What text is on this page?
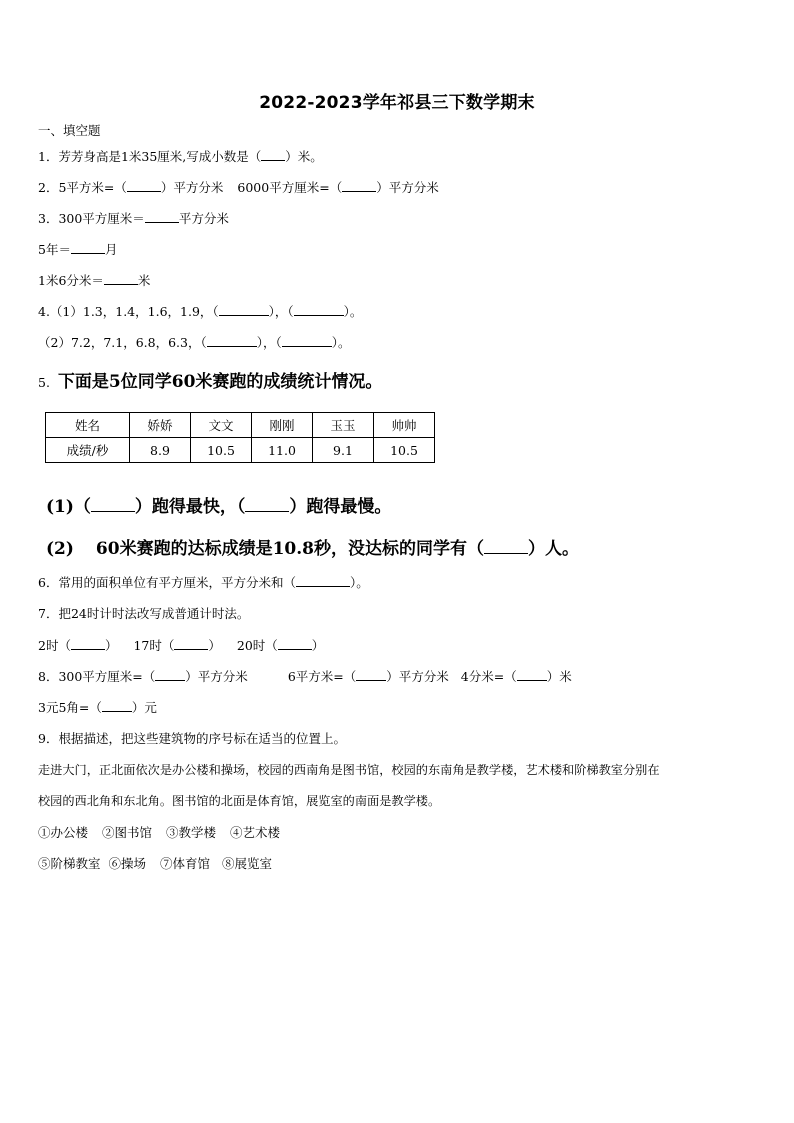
2022-2023学年祁县三下数学期末
一、填空题
1．芳芳身高是1米35厘米,写成小数是（ ）米。
2．5平方米=（	）平方分米 6000平方厘米=（	）平方分米
3．300平方厘米＝	平方分米
5年＝	月
1米6分米＝	米
4.（1）1.3，1.4，1.6，1.9，（	），（	）。
（2）7.2，7.1，6.8，6.3，（	），（	）。
5. 下面是5位同学60米赛跑的成绩统计情况。
姓名	娇娇	文文	刚刚	玉玉	帅帅
成绩/秒	8.9	10.5	11.0	9.1	10.5
(1)（	）跑得最快，（	）跑得最慢。
(2) 60米赛跑的达标成绩是10.8秒，没达标的同学有（	）人。
6．常用的面积单位有平方厘米，平方分米和（	）。
7．把24时计时法改写成普通计时法。
2时（	） 17时（	） 20时（	）
8．300平方厘米=（ ）平方分米	6平方米=（ ）平方分米 4分米=（ ）米
3元5角=（ ）元
9．根据描述，把这些建筑物的序号标在适当的位置上。
走进大门，正北面依次是办公楼和操场，校园的西南角是图书馆，校园的东南角是教学楼，艺术楼和阶梯教室分别在
校园的西北角和东北角。图书馆的北面是体育馆，展览室的南面是教学楼。
①办公楼 ②图书馆 ③教学楼 ④艺术楼
⑤阶梯教室 ⑥操场 ⑦体育馆 ⑧展览室
